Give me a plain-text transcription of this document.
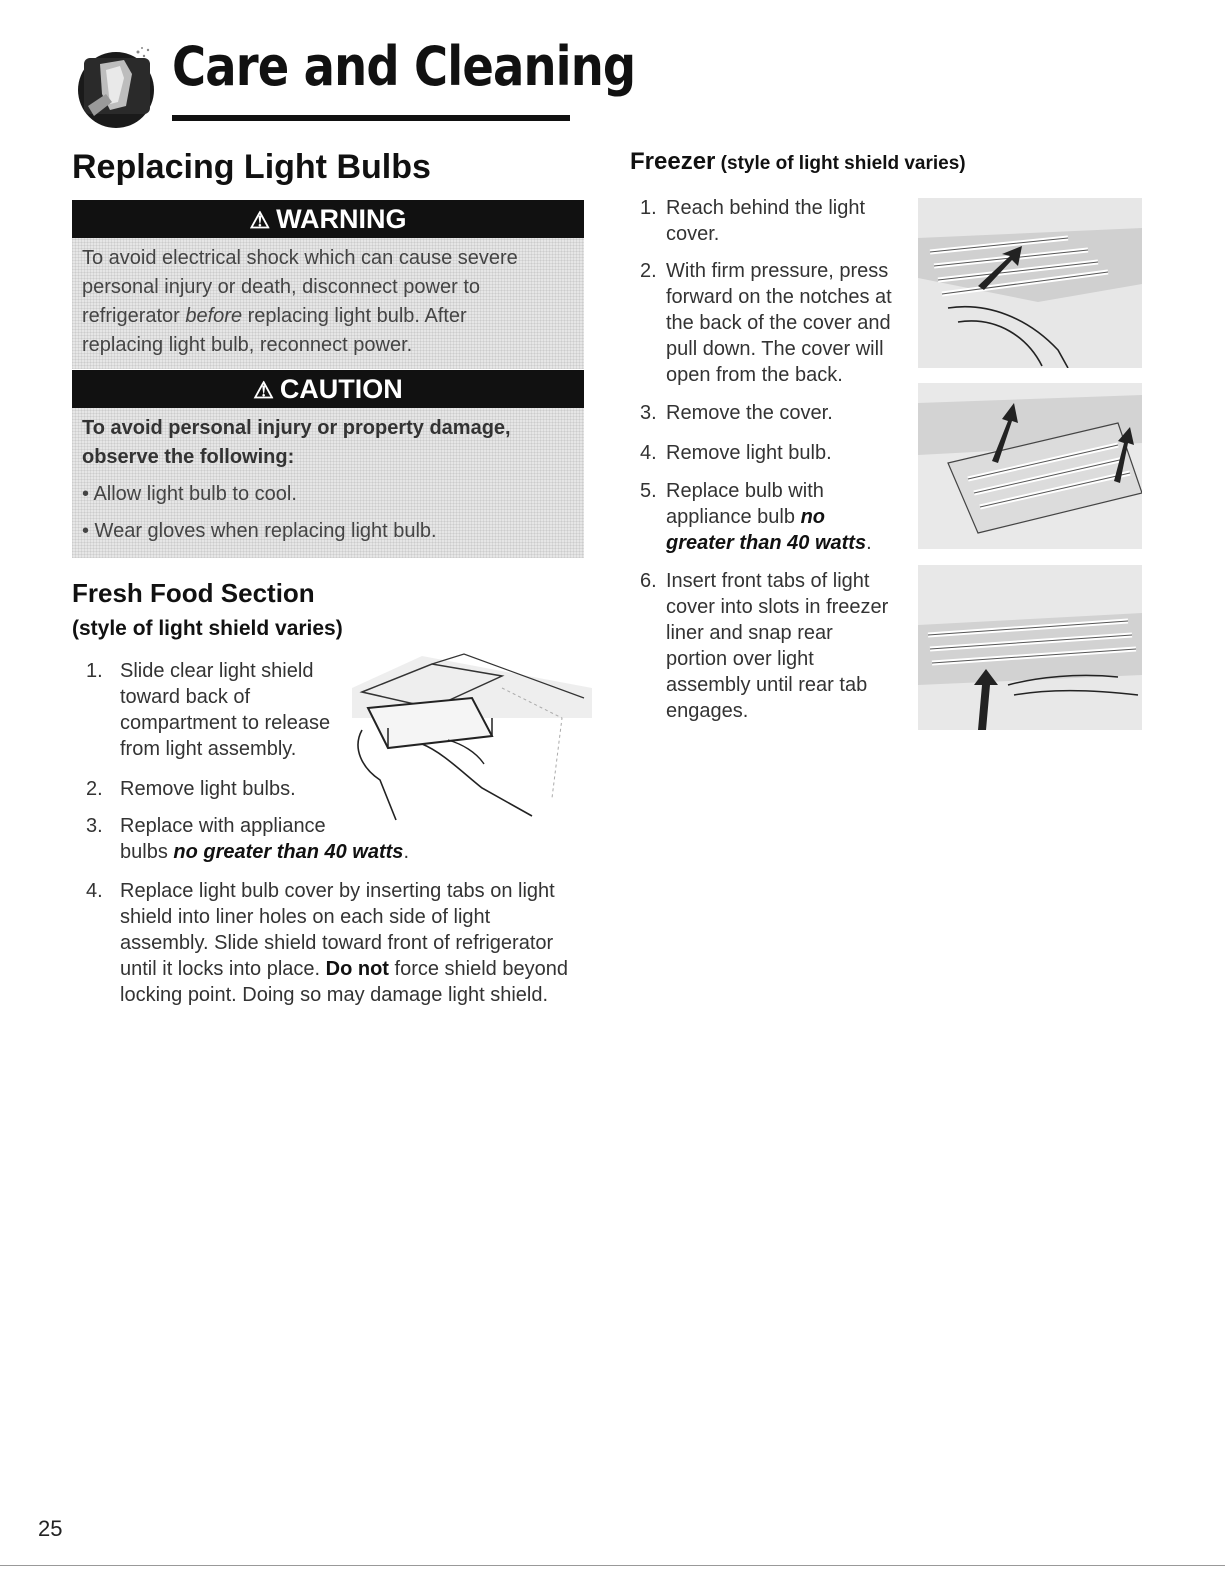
Care and Cleaning
Replacing Light Bulbs
⚠ WARNING
To avoid electrical shock which can cause severe
personal injury or death, disconnect power to
refrigerator before replacing light bulb. After
replacing light bulb, reconnect power.
⚠ CAUTION
To avoid personal injury or property damage,
observe the following:
• Allow light bulb to cool.
• Wear gloves when replacing light bulb.
Fresh Food Section
(style of light shield varies)
1. Slide clear light shield
toward back of
compartment to release
from light assembly.
2. Remove light bulbs.
3. Replace with appliance
bulbs no greater than 40 watts.
4. Replace light bulb cover by inserting tabs on light
shield into liner holes on each side of light
assembly. Slide shield toward front of refrigerator
until it locks into place. Do not force shield beyond
locking point. Doing so may damage light shield.
Freezer (style of light shield varies)
1. Reach behind the light
cover.
2. With firm pressure, press
forward on the notches at
the back of the cover and
pull down. The cover will
open from the back.
3. Remove the cover.
4. Remove light bulb.
5. Replace bulb with
appliance bulb no
greater than 40 watts.
6. Insert front tabs of light
cover into slots in freezer
liner and snap rear
portion over light
assembly until rear tab
engages.
25
